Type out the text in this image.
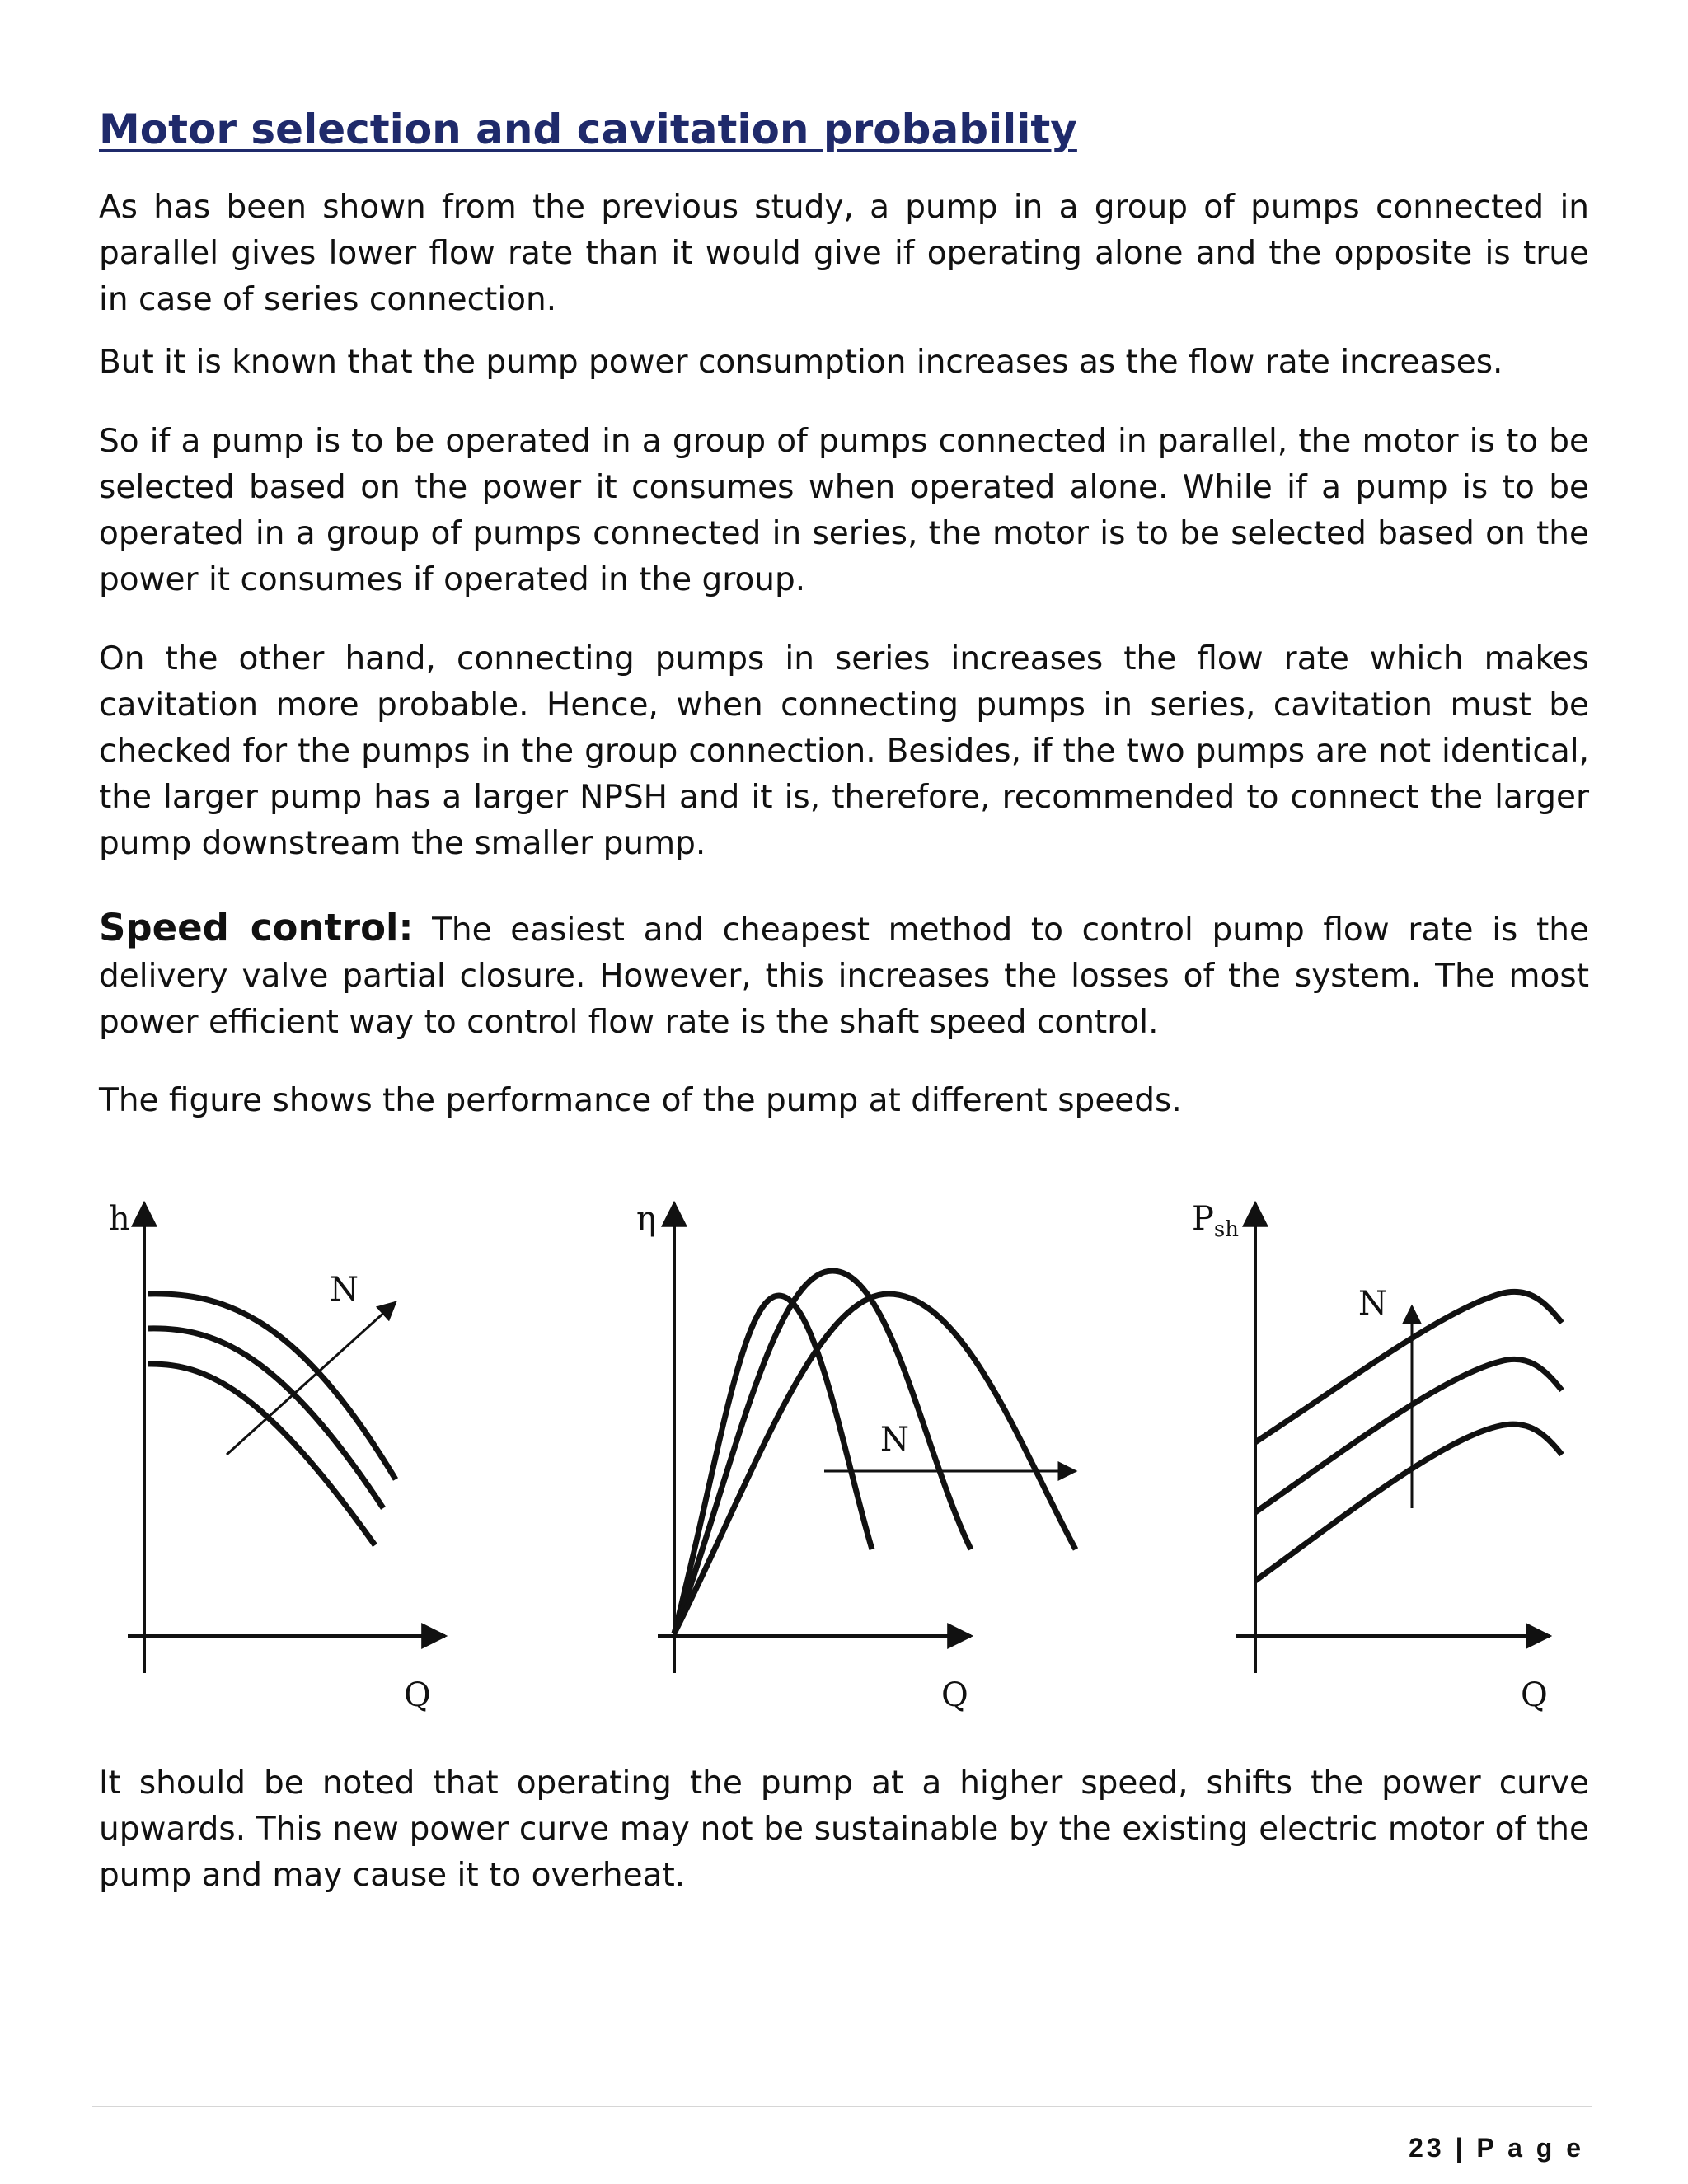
Motor selection and cavitation probability

As has been shown from the previous study, a pump in a group of pumps connected in parallel gives lower flow rate than it would give if operating alone and the opposite is true in case of series connection.

But it is known that the pump power consumption increases as the flow rate increases.

So if a pump is to be operated in a group of pumps connected in parallel, the motor is to be selected based on the power it consumes when operated alone. While if a pump is to be operated in a group of pumps connected in series, the motor is to be selected based on the power it consumes if operated in the group.

On the other hand, connecting pumps in series increases the flow rate which makes cavitation more probable. Hence, when connecting pumps in series, cavitation must be checked for the pumps in the group connection. Besides, if the two pumps are not identical, the larger pump has a larger NPSH and it is, therefore, recommended to connect the larger pump downstream the smaller pump.

Speed control: The easiest and cheapest method to control pump flow rate is the delivery valve partial closure. However, this increases the losses of the system. The most power efficient way to control flow rate is the shaft speed control.

The figure shows the performance of the pump at different speeds.

h
Q
N
η
Q
N
$P_{sh}$
Q
N

It should be noted that operating the pump at a higher speed, shifts the power curve upwards. This new power curve may not be sustainable by the existing electric motor of the pump and may cause it to overheat.

23 | P a g e
